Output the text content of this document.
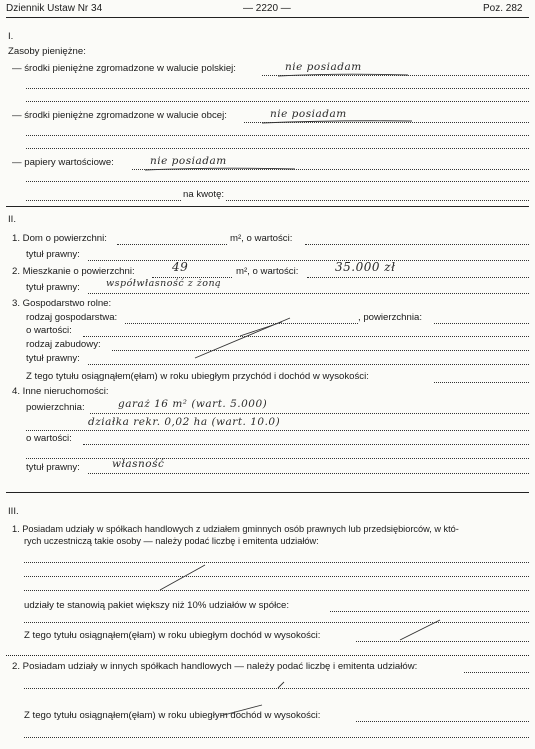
Dziennik Ustaw Nr 34	— 2220 —	Poz. 282
I.
Zasoby pieniężne:
— środki pieniężne zgromadzone w walucie polskiej:	nie posiadam
— środki pieniężne zgromadzone w walucie obcej:	nie posiadam
— papiery wartościowe:	nie posiadam
na kwotę:
II.
1. Dom o powierzchni:	m², o wartości:
tytuł prawny:
2. Mieszkanie o powierzchni:	49	m², o wartości:	35.000 zł
tytuł prawny:	współwłasność z żoną
3. Gospodarstwo rolne:
rodzaj gospodarstwa:	, powierzchnia:
o wartości:
rodzaj zabudowy:
tytuł prawny:
Z tego tytułu osiągnąłem(ęłam) w roku ubiegłym przychód i dochód w wysokości:
4. Inne nieruchomości:
powierzchnia:	garaż 16 m² (wart. 5.000)
działka rekr. 0,02 ha (wart. 10.0)
o wartości:
tytuł prawny:	własność
III.
1. Posiadam udziały w spółkach handlowych z udziałem gminnych osób prawnych lub przedsiębiorców, w któ-
rych uczestniczą takie osoby — należy podać liczbę i emitenta udziałów:
udziały te stanowią pakiet większy niż 10% udziałów w spółce:
Z tego tytułu osiągnąłem(ęłam) w roku ubiegłym dochód w wysokości:
2. Posiadam udziały w innych spółkach handlowych — należy podać liczbę i emitenta udziałów:
Z tego tytułu osiągnąłem(ęłam) w roku ubiegłym dochód w wysokości:
